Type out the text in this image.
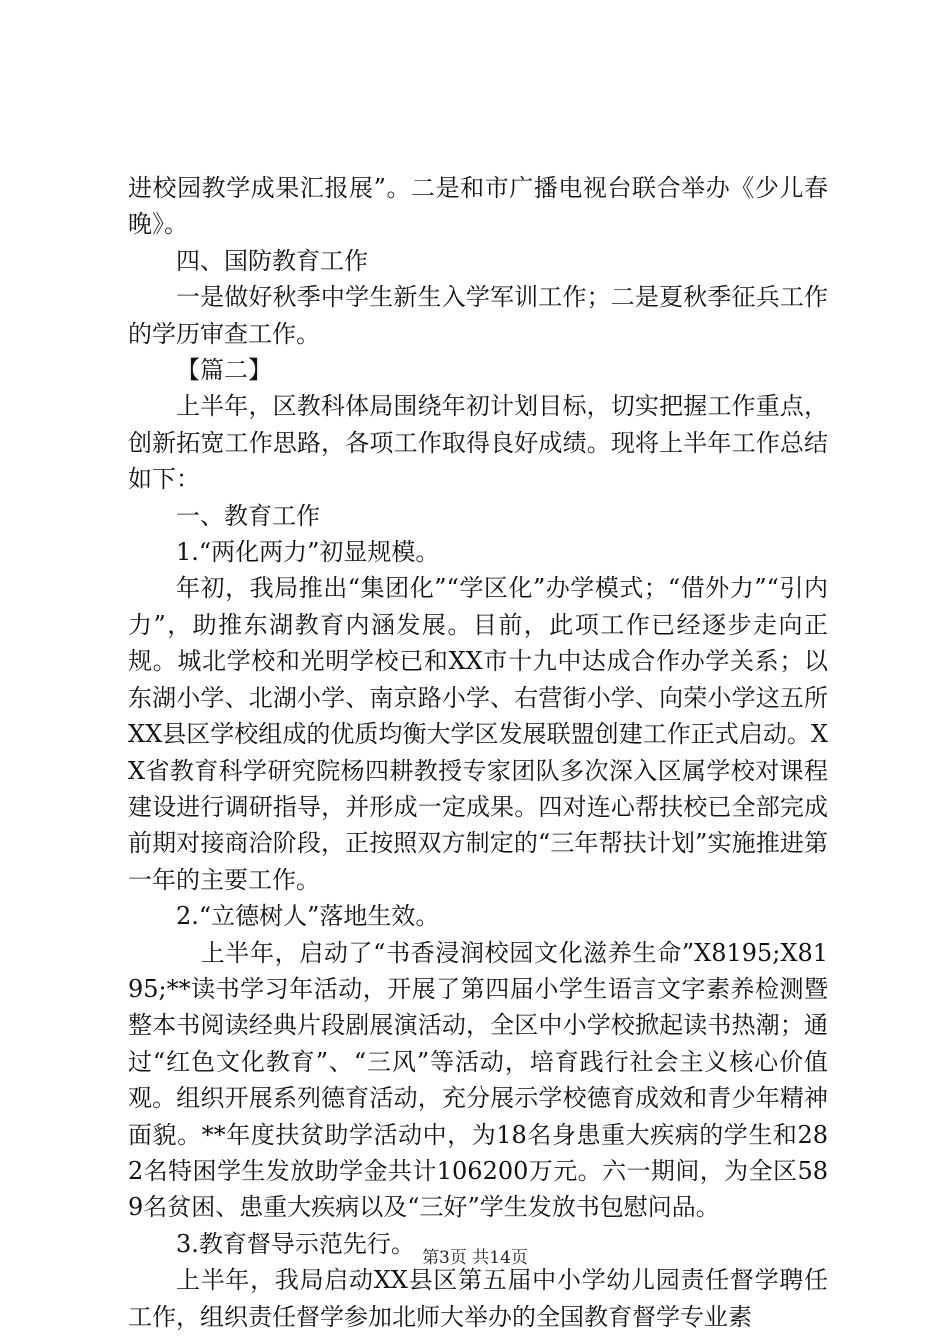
进校园教学成果汇报展”。二是和市广播电视台联合举办《少儿春晚》。

四、国防教育工作

一是做好秋季中学生新生入学军训工作；二是夏秋季征兵工作的学历审查工作。

【篇二】

上半年，区教科体局围绕年初计划目标，切实把握工作重点，创新拓宽工作思路，各项工作取得良好成绩。现将上半年工作总结如下：

一、教育工作

1.“两化两力”初显规模。

年初，我局推出“集团化”“学区化”办学模式；“借外力”“引内力”，助推东湖教育内涵发展。目前，此项工作已经逐步走向正规。城北学校和光明学校已和XX市十九中达成合作办学关系；以东湖小学、北湖小学、南京路小学、右营街小学、向荣小学这五所XX县区学校组成的优质均衡大学区发展联盟创建工作正式启动。XX省教育科学研究院杨四耕教授专家团队多次深入区属学校对课程建设进行调研指导，并形成一定成果。四对连心帮扶校已全部完成前期对接商洽阶段，正按照双方制定的“三年帮扶计划”实施推进第一年的主要工作。

2.“立德树人”落地生效。

　上半年，启动了“书香浸润校园文化滋养生命”X8195;X8195;**读书学习年活动，开展了第四届小学生语言文字素养检测暨整本书阅读经典片段剧展演活动，全区中小学校掀起读书热潮；通过“红色文化教育”、“三风”等活动，培育践行社会主义核心价值观。组织开展系列德育活动，充分展示学校德育成效和青少年精神面貌。**年度扶贫助学活动中，为18名身患重大疾病的学生和282名特困学生发放助学金共计106200万元。六一期间，为全区589名贫困、患重大疾病以及“三好”学生发放书包慰问品。

3.教育督导示范先行。

上半年，我局启动XX县区第五届中小学幼儿园责任督学聘任工作，组织责任督学参加北师大举办的全国教育督学专业素

第3页 共14页
